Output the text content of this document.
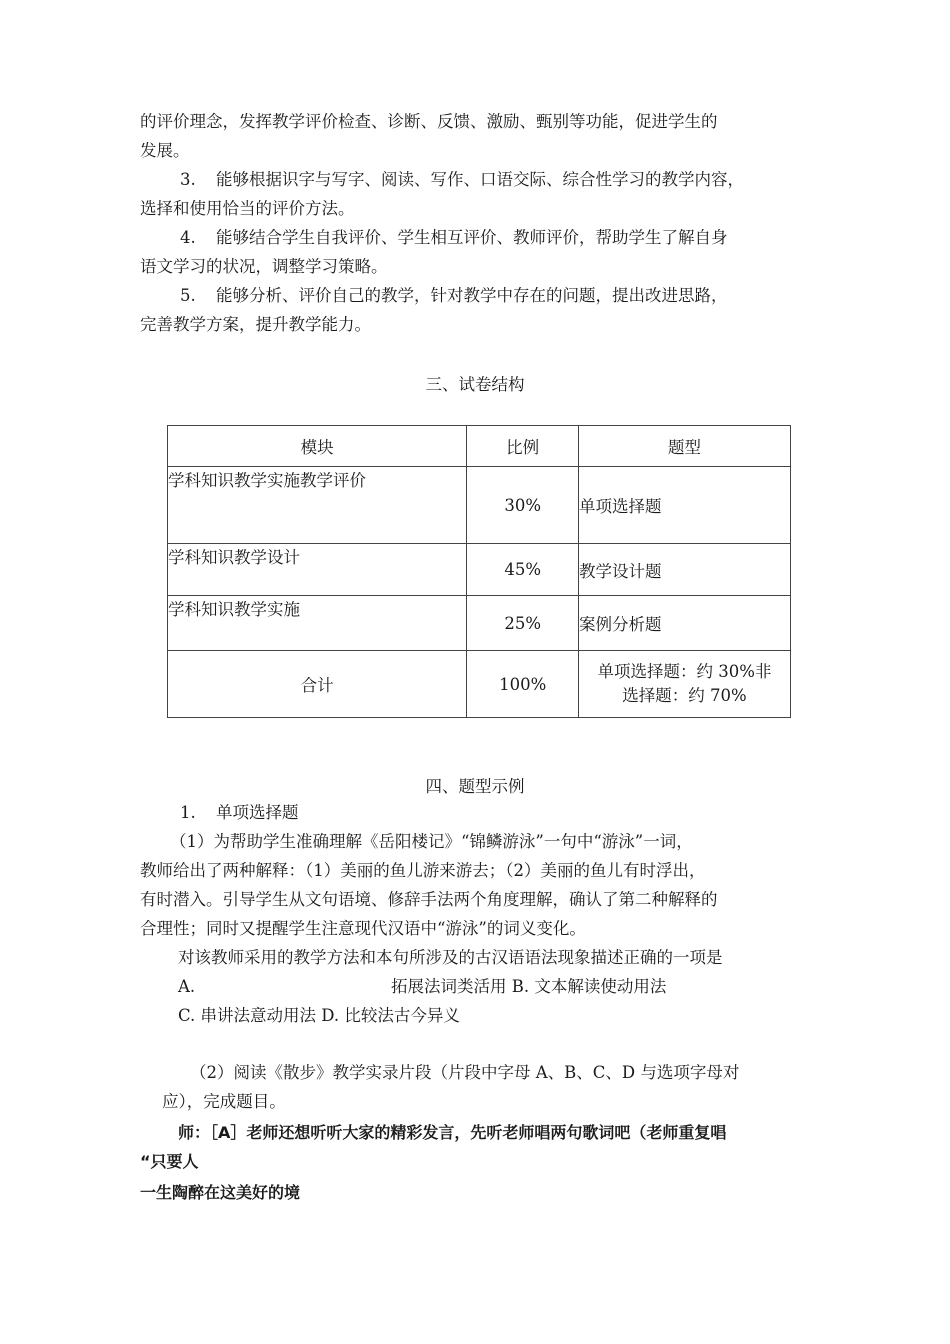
的评价理念，发挥教学评价检查、诊断、反馈、激励、甄别等功能，促进学生的
发展。
3. 能够根据识字与写字、阅读、写作、口语交际、综合性学习的教学内容，
选择和使用恰当的评价方法。
4. 能够结合学生自我评价、学生相互评价、教师评价，帮助学生了解自身
语文学习的状况，调整学习策略。
5. 能够分析、评价自己的教学，针对教学中存在的问题，提出改进思路，
完善教学方案，提升教学能力。
三、试卷结构
模块	比例	题型
学科知识教学实施教学评价	30%	单项选择题
学科知识教学设计	45%	教学设计题
学科知识教学实施	25%	案例分析题
合计	100%	单项选择题：约 30%非
选择题：约 70%
四、题型示例
1. 单项选择题
（1）为帮助学生准确理解《岳阳楼记》“锦鳞游泳”一句中“游泳”一词，
教师给出了两种解释：（1）美丽的鱼儿游来游去；（2）美丽的鱼儿有时浮出，
有时潜入。引导学生从文句语境、修辞手法两个角度理解，确认了第二种解释的
合理性；同时又提醒学生注意现代汉语中“游泳”的词义变化。
对该教师采用的教学方法和本句所涉及的古汉语语法现象描述正确的一项是
A.	拓展法词类活用 B. 文本解读使动用法
C. 串讲法意动用法 D. 比较法古今异义
（2）阅读《散步》教学实录片段（片段中字母 A、B、C、D 与选项字母对
应），完成题目。
师：［A］老师还想听听大家的精彩发言，先听老师唱两句歌词吧（老师重复唱
“只要人
一生陶醉在这美好的境
